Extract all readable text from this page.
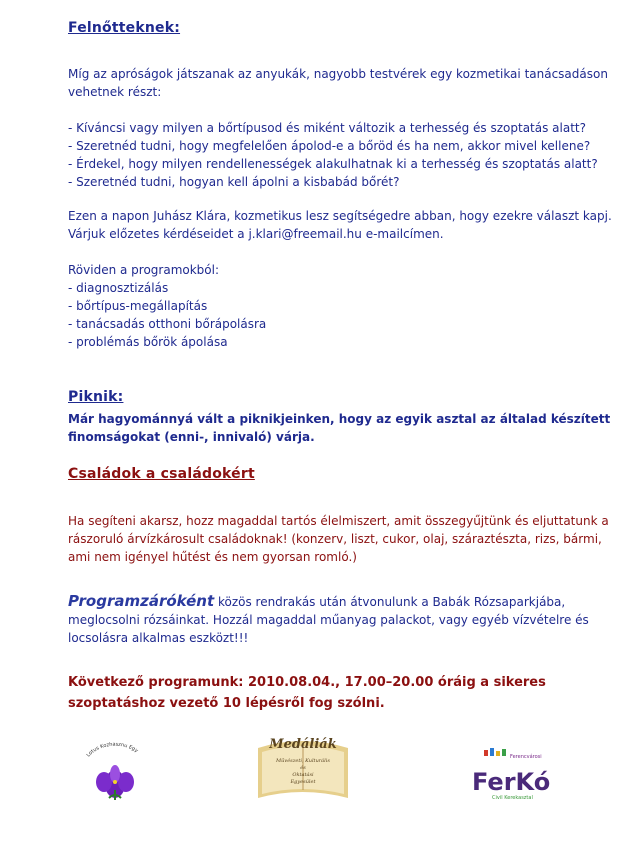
Felnőtteknek:
Míg az apróságok játszanak az anyukák, nagyobb testvérek egy kozmetikai tanácsadáson
vehetnek részt:
- Kíváncsi vagy milyen a bőrtípusod és miként változik a terhesség és szoptatás alatt?
- Szeretnéd tudni, hogy megfelelően ápolod-e a bőröd és ha nem, akkor mivel kellene?
- Érdekel, hogy milyen rendellenességek alakulhatnak ki a terhesség és szoptatás alatt?
- Szeretnéd tudni, hogyan kell ápolni a kisbabád bőrét?
Ezen a napon Juhász Klára, kozmetikus lesz segítségedre abban, hogy ezekre választ kapj.
Várjuk előzetes kérdéseidet a j.klari@freemail.hu e-mailcímen.
Röviden a programokból:
- diagnosztizálás
- bőrtípus-megállapítás
- tanácsadás otthoni bőrápolásra
- problémás bőrök ápolása
Piknik:
Már hagyománnyá vált a piknikjeinken, hogy az egyik asztal az általad készített
finomságokat (enni-, innivaló) várja.
Családok a családokért
Ha segíteni akarsz, hozz magaddal tartós élelmiszert, amit összegyűjtünk és eljuttatunk a
rászoruló árvízkárosult családoknak! (konzerv, liszt, cukor, olaj, száraztészta, rizs, bármi,
ami nem igényel hűtést és nem gyorsan romló.)
Programzáróként közös rendrakás után átvonulunk a Babák Rózsaparkjába,
meglocsolni rózsáinkat. Hozzál magaddal műanyag palackot, vagy egyéb vízvételre és
locsolásra alkalmas eszközt!!!
Következő programunk: 2010.08.04., 17.00–20.00 óráig a sikeres
szoptatáshoz vezető 10 lépésről fog szólni.
Lotus Kozhasznu Egy	Medáliák
Művészeti, Kulturális
és
Oktatási
Egyesület
Ferencvárosi
FerKó
Civil Kerekasztal
